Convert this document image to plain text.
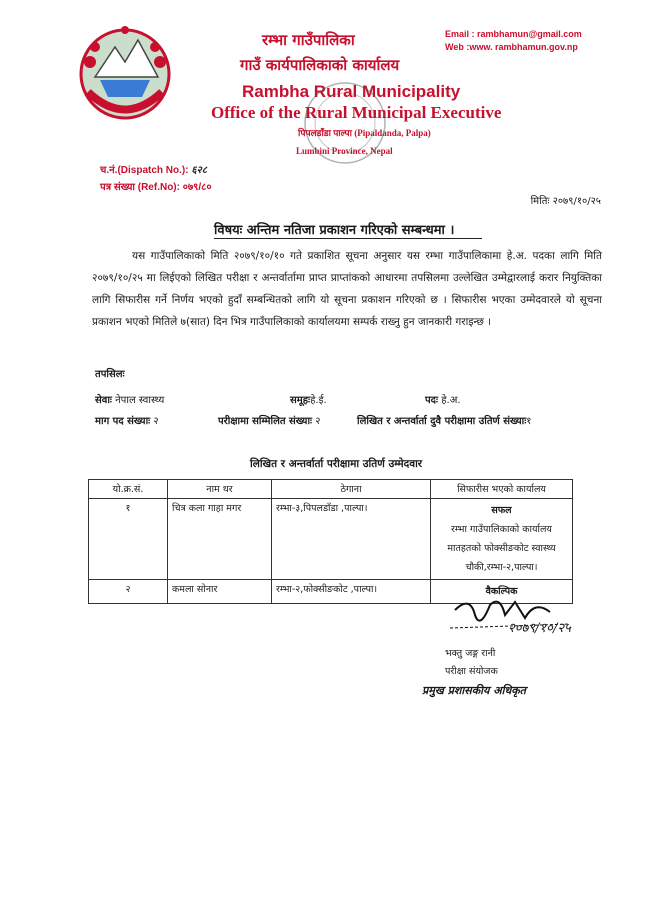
रम्भा गाउँपालिका
गाउँ कार्यपालिकाको कार्यालय
Rambha Rural Municipality
Office of the Rural Municipal Executive
पिपलडाँडा पाल्पा (Pipaldanda, Palpa)
Lumbini Province, Nepal
Email : rambhamun@gmail.com
Web :www. rambhamun.gov.np
च.नं.(Dispatch No.): ६२८
पत्र संख्या (Ref.No): ०७९/८०
मितिः २०७९/१०/२५
विषयः अन्तिम नतिजा प्रकाशन गरिएको सम्बन्धमा ।
यस गाउँपालिकाको मिति २०७९/१०/१० गते प्रकाशित सूचना अनुसार यस रम्भा गाउँपालिकामा हे.अ. पदका लागि मिति २०७९/१०/२५ मा लिईएको लिखित परीक्षा र अन्तर्वार्तामा प्राप्त प्राप्तांकको आधारमा तपसिलमा उल्लेखित उम्मेद्वारलाई करार नियुक्तिका लागि सिफारीस गर्ने निर्णय भएको हुदाँ सम्बन्धितको लागि यो सूचना प्रकाशन गरिएको छ । सिफारीस भएका उम्मेदवारले यो सूचना प्रकाशन भएको मितिले ७(सात) दिन भित्र गाउँपालिकाको कार्यालयमा सम्पर्क राख्नु हुन जानकारी गराइन्छ ।
तपसिलः
सेवाः नेपाल स्वास्थ्य	समूहःहे.ई.	पदः हे.अ.
माग पद संख्याः २	परीक्षामा सम्मिलित संख्याः २	लिखित र अन्तर्वार्ता दुवै परीक्षामा उतिर्ण संख्याः१
लिखित र अन्तर्वार्ता परीक्षामा उतिर्ण उम्मेदवार
यो.क्र.सं.	नाम थर	ठेगाना	सिफारीस भएको कार्यालय
१	चित्र कला गाहा मगर	रम्भा-३,पिपलडाँडा ,पाल्पा।	सफल
रम्भा गाउँपालिकाको कार्यालय
मातहतको फोक्सीङकोट स्वास्थ्य
चौकी,रम्भा-२,पाल्पा।

२	कमला सोनार	रम्भा-२,फोक्सीङकोट ,पाल्पा।	वैकल्पिक
२०७९/१०/२५
भक्तु जङ्ग रानी
परीक्षा संयोजक
प्रमुख प्रशासकीय अधिकृत
